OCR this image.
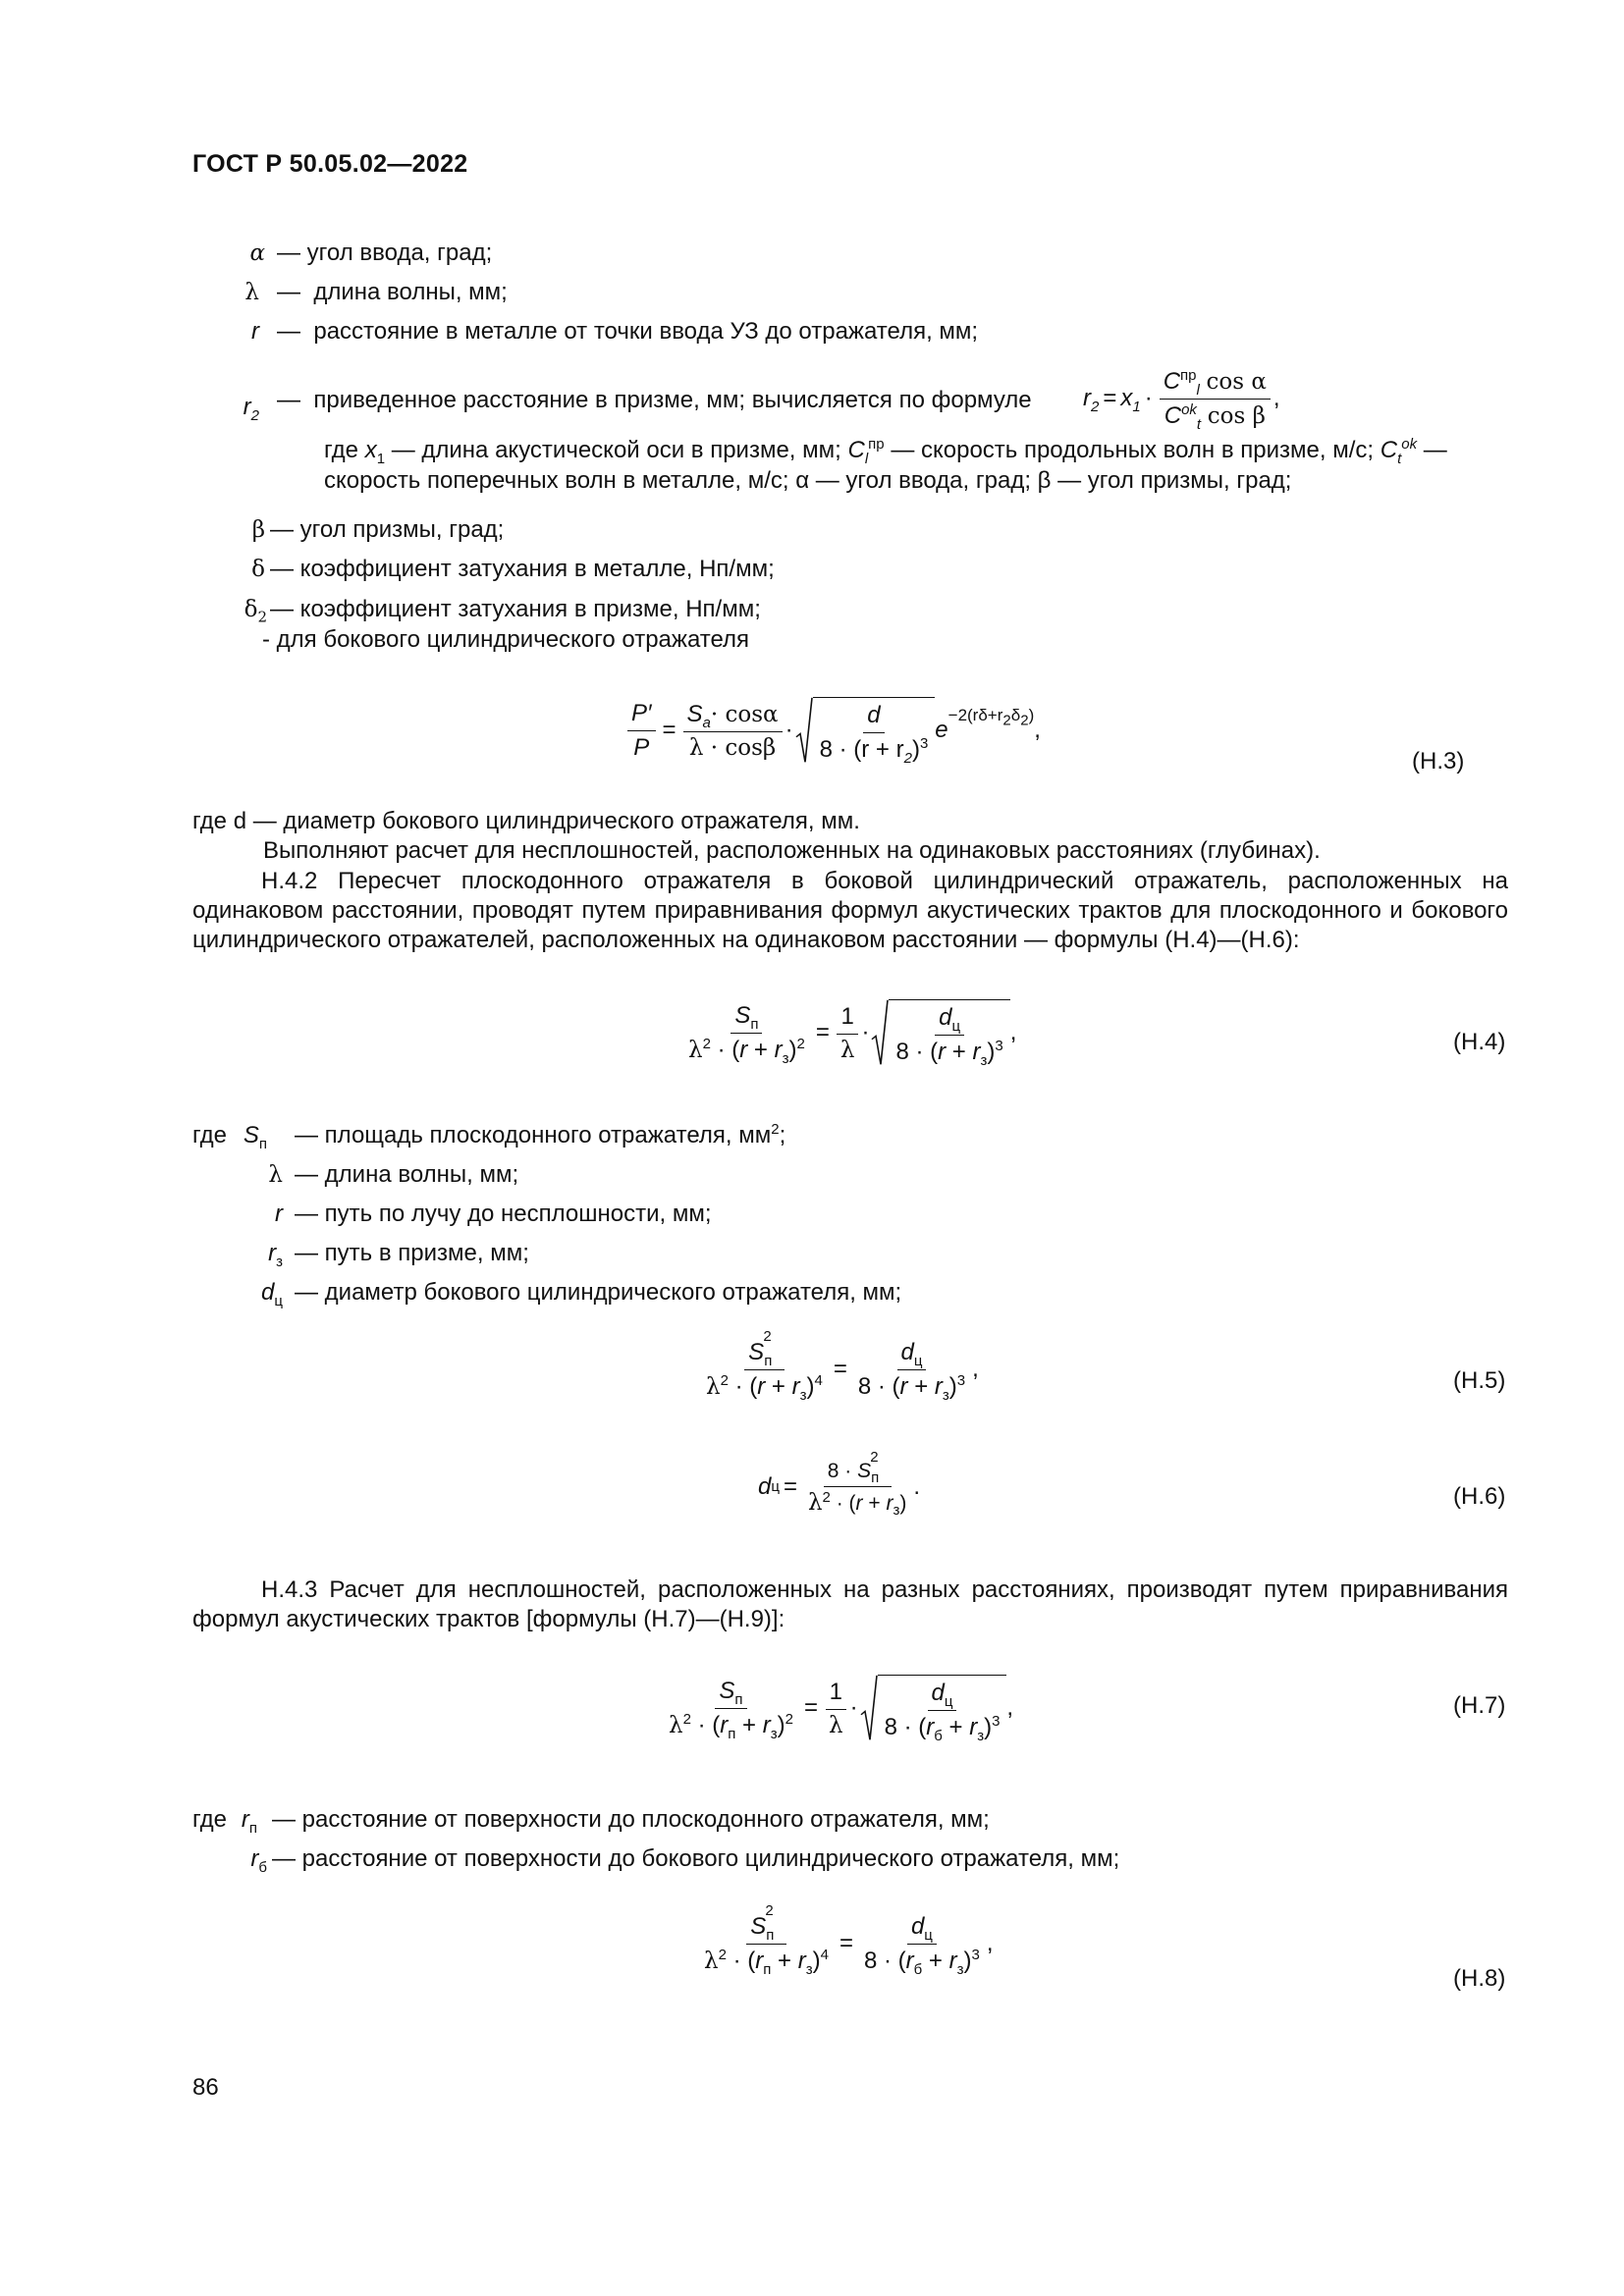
ГОСТ Р 50.05.02—2022
α — угол ввода, град;
λ —  длина волны, мм;
r —  расстояние в металле от точки ввода УЗ до отражателя, мм;
$r_2$
—  приведенное расстояние в призме, мм; вычисляется по формуле $r_2 = x_1 \cdot \frac{C^{пр}_l \cos \alpha}{C^{ok}_t \cos \beta}$ ,
где $x_1$ — длина акустической оси в призме, мм; $C_l^{пр}$ — скорость продольных волн в призме, м/с; $C_t^{ok}$ —
скорость поперечных волн в металле, м/с; α — угол ввода, град; β — угол призмы, град;
β — угол призмы, град;
δ — коэффициент затухания в металле, Нп/мм;
$\delta_2$ — коэффициент затухания в призме, Нп/мм;
- для бокового цилиндрического отражателя
$\frac{P'}{P} = \frac{S_a\cdot \cos\alpha}{\lambda \cdot \cos\beta} \cdot \frac{d}{8 \cdot (r + r_2)^3}$ e
$^{-2(r\delta+r_2\delta_2)}$
,
(Н.3)
где d — диаметр бокового цилиндрического отражателя, мм.
Выполняют расчет для несплошностей, расположенных на одинаковых расстояниях (глубинах).

Н.4.2 Пересчет плоскодонного отражателя в боковой цилиндрический отражатель, расположенных на одинаковом расстоянии, проводят путем приравнивания формул акустических трактов для плоскодонного и бокового цилиндрического отражателей, расположенных на одинаковом расстоянии — формулы (Н.4)—(Н.6):

$\frac{S_п}{\lambda^2 \cdot (r + r_з)^2} = \frac{1}{\lambda} \cdot \frac{d_ц}{8 \cdot (r + r_з)^3}$ ,	(Н.4)
где $S_п$ — площадь плоскодонного отражателя, $мм^2$;
λ — длина волны, мм;
r — путь по лучу до несплошности, мм;
$r_з$ — путь в призме, мм;
$d_ц$ — диаметр бокового цилиндрического отражателя, мм;
$\frac{S_п^2}{\lambda^2 \cdot (r + r_з)^4} = \frac{d_ц}{8 \cdot (r + r_з)^3}$ ,	(Н.5)
d $ц = \frac{8 \cdot S_п^2}{\lambda^2 \cdot (r + r_з)}$ .	(Н.6)

Н.4.3 Расчет для несплошностей, расположенных на разных расстояниях, производят путем приравнивания формул акустических трактов [формулы (Н.7)—(Н.9)]:

$\frac{S_п}{\lambda^2 \cdot (r_п + r_з)^2} = \frac{1}{\lambda} \cdot \frac{d_ц}{8 \cdot (r_б + r_з)^3}$ ,	(Н.7)
где $r_п$ — расстояние от поверхности до плоскодонного отражателя, мм;
$r_б$ — расстояние от поверхности до бокового цилиндрического отражателя, мм;
$\frac{S_п^2}{\lambda^2 \cdot (r_п + r_з)^4} = \frac{d_ц}{8 \cdot (r_б + r_з)^3}$ ,
(Н.8)
86
